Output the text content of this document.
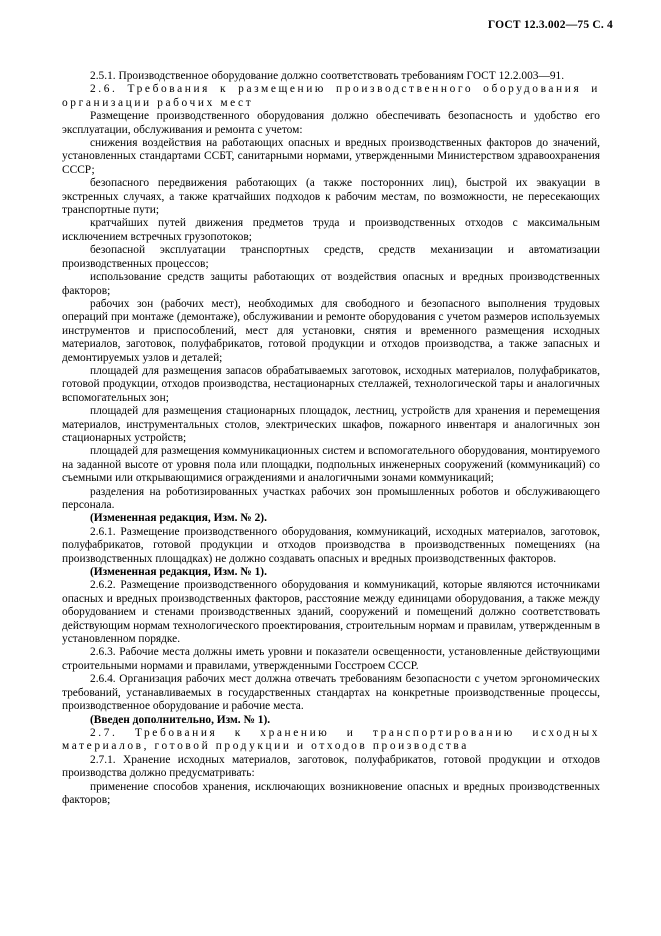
ГОСТ 12.3.002—75 С. 4

2.5.1. Производственное оборудование должно соответствовать требованиям ГОСТ 12.2.003—91.

2.6. Требования к размещению производственного оборудования и организации рабочих мест

Размещение производственного оборудования должно обеспечивать безопасность и удобство его эксплуатации, обслуживания и ремонта с учетом:

снижения воздействия на работающих опасных и вредных производственных факторов до значений, установленных стандартами ССБТ, санитарными нормами, утвержденными Министерством здравоохранения СССР;

безопасного передвижения работающих (а также посторонних лиц), быстрой их эвакуации в экстренных случаях, а также кратчайших подходов к рабочим местам, по возможности, не пересекающих транспортные пути;

кратчайших путей движения предметов труда и производственных отходов с максимальным исключением встречных грузопотоков;

безопасной эксплуатации транспортных средств, средств механизации и автоматизации производственных процессов;

использование средств защиты работающих от воздействия опасных и вредных производственных факторов;

рабочих зон (рабочих мест), необходимых для свободного и безопасного выполнения трудовых операций при монтаже (демонтаже), обслуживании и ремонте оборудования с учетом размеров используемых инструментов и приспособлений, мест для установки, снятия и временного размещения исходных материалов, заготовок, полуфабрикатов, готовой продукции и отходов производства, а также запасных и демонтируемых узлов и деталей;

площадей для размещения запасов обрабатываемых заготовок, исходных материалов, полуфабрикатов, готовой продукции, отходов производства, нестационарных стеллажей, технологической тары и аналогичных вспомогательных зон;

площадей для размещения стационарных площадок, лестниц, устройств для хранения и перемещения материалов, инструментальных столов, электрических шкафов, пожарного инвентаря и аналогичных зон стационарных устройств;

площадей для размещения коммуникационных систем и вспомогательного оборудования, монтируемого на заданной высоте от уровня пола или площадки, подпольных инженерных сооружений (коммуникаций) со съемными или открывающимися ограждениями и аналогичными зонами коммуникаций;

разделения на роботизированных участках рабочих зон промышленных роботов и обслуживающего персонала.

(Измененная редакция, Изм. № 2).

2.6.1. Размещение производственного оборудования, коммуникаций, исходных материалов, заготовок, полуфабрикатов, готовой продукции и отходов производства в производственных помещениях (на производственных площадках) не должно создавать опасных и вредных производственных факторов.

(Измененная редакция, Изм. № 1).

2.6.2. Размещение производственного оборудования и коммуникаций, которые являются источниками опасных и вредных производственных факторов, расстояние между единицами оборудования, а также между оборудованием и стенами производственных зданий, сооружений и помещений должно соответствовать действующим нормам технологического проектирования, строительным нормам и правилам, утвержденным в установленном порядке.

2.6.3. Рабочие места должны иметь уровни и показатели освещенности, установленные действующими строительными нормами и правилами, утвержденными Госстроем СССР.

2.6.4. Организация рабочих мест должна отвечать требованиям безопасности с учетом эргономических требований, устанавливаемых в государственных стандартах на конкретные производственные процессы, производственное оборудование и рабочие места.

(Введен дополнительно, Изм. № 1).

2.7. Требования к хранению и транспортированию исходных материалов, готовой продукции и отходов производства

2.7.1. Хранение исходных материалов, заготовок, полуфабрикатов, готовой продукции и отходов производства должно предусматривать:

применение способов хранения, исключающих возникновение опасных и вредных производственных факторов;
